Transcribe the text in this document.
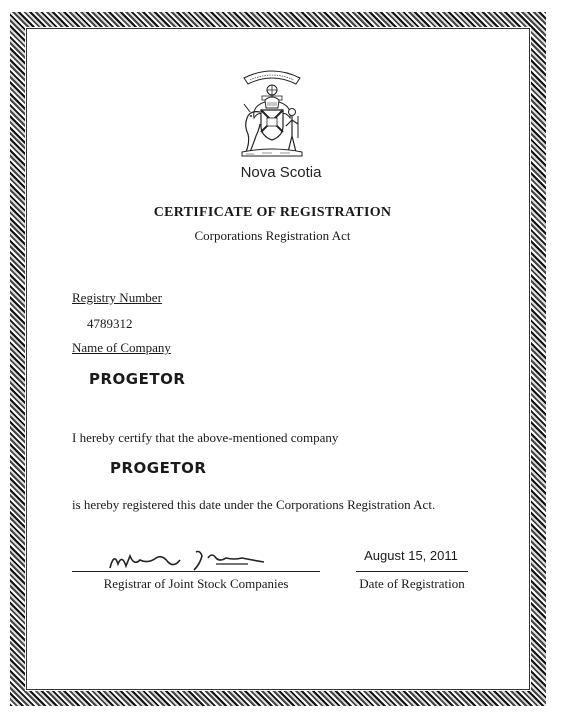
Nova Scotia
CERTIFICATE OF REGISTRATION
Corporations Registration Act
Registry Number
4789312
Name of Company
PROGETOR
I hereby certify that the above-mentioned company
PROGETOR
is hereby registered this date under the Corporations Registration Act.
Registrar of Joint Stock Companies
August 15, 2011
Date of Registration
